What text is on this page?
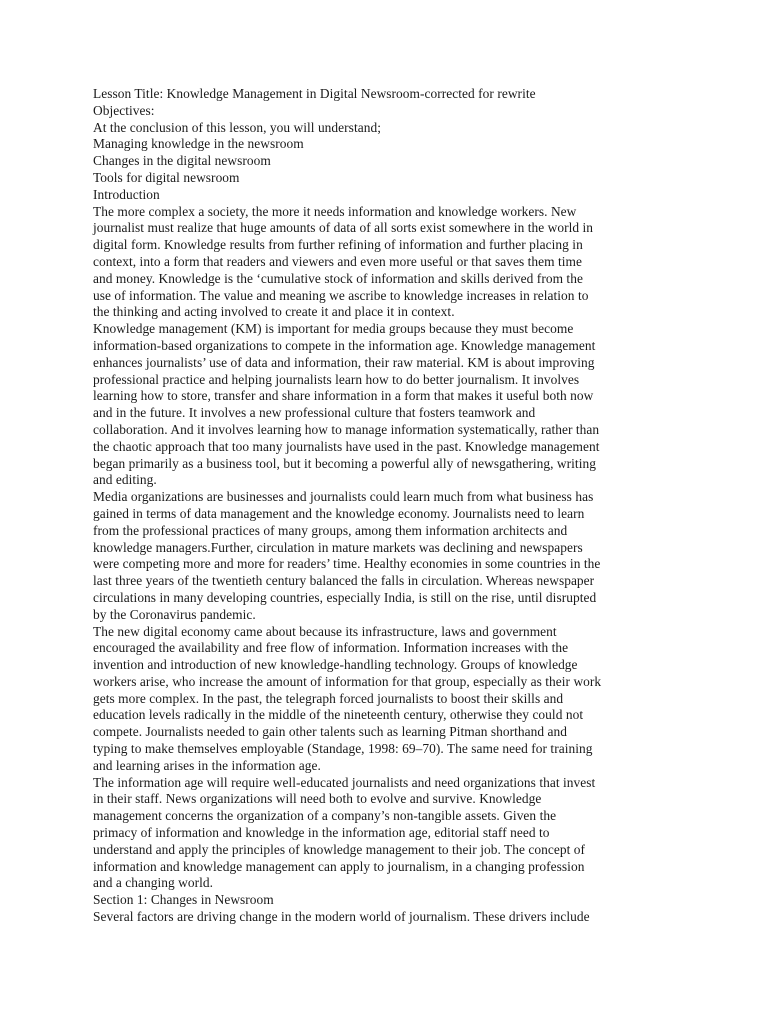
Lesson Title: Knowledge Management in Digital Newsroom-corrected for rewrite

Objectives:

At the conclusion of this lesson, you will understand;

Managing knowledge in the newsroom

Changes in the digital newsroom

Tools for digital newsroom

Introduction

The more complex a society, the more it needs information and knowledge workers. New

journalist must realize that huge amounts of data of all sorts exist somewhere in the world in

digital form. Knowledge results from further refining of information and further placing in

context, into a form that readers and viewers and even more useful or that saves them time

and money. Knowledge is the ‘cumulative stock of information and skills derived from the

use of information. The value and meaning we ascribe to knowledge increases in relation to

the thinking and acting involved to create it and place it in context.

Knowledge management (KM) is important for media groups because they must become

information-based organizations to compete in the information age. Knowledge management

enhances journalists’ use of data and information, their raw material. KM is about improving

professional practice and helping journalists learn how to do better journalism. It involves

learning how to store, transfer and share information in a form that makes it useful both now

and in the future. It involves a new professional culture that fosters teamwork and

collaboration. And it involves learning how to manage information systematically, rather than

the chaotic approach that too many journalists have used in the past. Knowledge management

began primarily as a business tool, but it becoming a powerful ally of newsgathering, writing

and editing.

Media organizations are businesses and journalists could learn much from what business has

gained in terms of data management and the knowledge economy. Journalists need to learn

from the professional practices of many groups, among them information architects and

knowledge managers.Further, circulation in mature markets was declining and newspapers

were competing more and more for readers’ time. Healthy economies in some countries in the

last three years of the twentieth century balanced the falls in circulation. Whereas newspaper

circulations in many developing countries, especially India, is still on the rise, until disrupted

by the Coronavirus pandemic.

The new digital economy came about because its infrastructure, laws and government

encouraged the availability and free flow of information. Information increases with the

invention and introduction of new knowledge-handling technology. Groups of knowledge

workers arise, who increase the amount of information for that group, especially as their work

gets more complex. In the past, the telegraph forced journalists to boost their skills and

education levels radically in the middle of the nineteenth century, otherwise they could not

compete. Journalists needed to gain other talents such as learning Pitman shorthand and

typing to make themselves employable (Standage, 1998: 69–70). The same need for training

and learning arises in the information age.

The information age will require well-educated journalists and need organizations that invest

in their staff. News organizations will need both to evolve and survive. Knowledge

management concerns the organization of a company’s non-tangible assets. Given the

primacy of information and knowledge in the information age, editorial staff need to

understand and apply the principles of knowledge management to their job. The concept of

information and knowledge management can apply to journalism, in a changing profession

and a changing world.

Section 1: Changes in Newsroom

Several factors are driving change in the modern world of journalism. These drivers include
